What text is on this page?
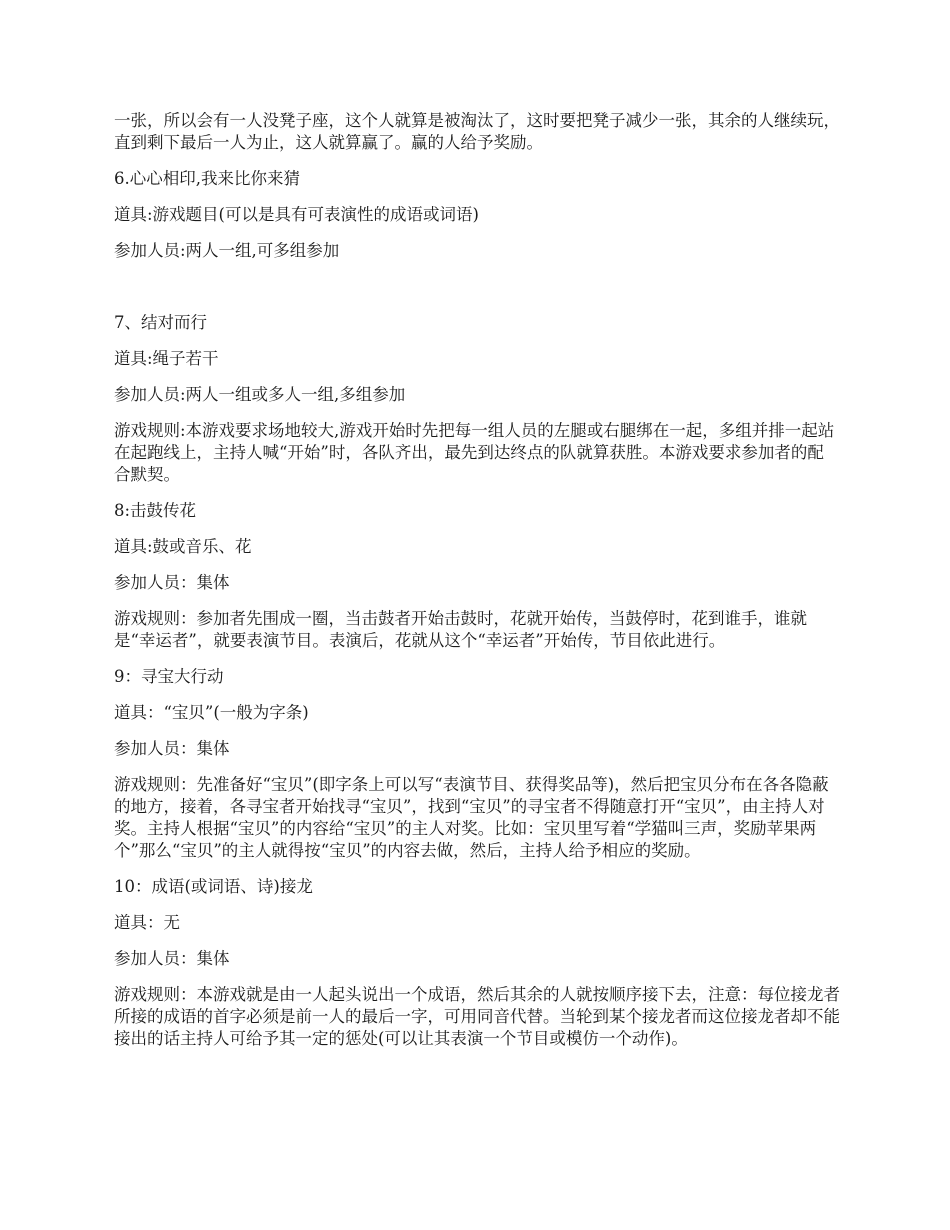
一张，所以会有一人没凳子座，这个人就算是被淘汰了，这时要把凳子减少一张，其余的人继续玩，直到剩下最后一人为止，这人就算赢了。赢的人给予奖励。

6.心心相印,我来比你来猜

道具:游戏题目(可以是具有可表演性的成语或词语)

参加人员:两人一组,可多组参加

7、结对而行

道具:绳子若干

参加人员:两人一组或多人一组,多组参加

游戏规则:本游戏要求场地较大,游戏开始时先把每一组人员的左腿或右腿绑在一起，多组并排一起站在起跑线上，主持人喊“开始”时，各队齐出，最先到达终点的队就算获胜。本游戏要求参加者的配合默契。

8:击鼓传花

道具:鼓或音乐、花

参加人员：集体

游戏规则：参加者先围成一圈，当击鼓者开始击鼓时，花就开始传，当鼓停时，花到谁手，谁就是“幸运者”，就要表演节目。表演后，花就从这个“幸运者”开始传，节目依此进行。

9：寻宝大行动

道具：“宝贝”(一般为字条)

参加人员：集体

游戏规则：先准备好“宝贝”(即字条上可以写“表演节目、获得奖品等)，然后把宝贝分布在各各隐蔽的地方，接着，各寻宝者开始找寻“宝贝”，找到“宝贝”的寻宝者不得随意打开“宝贝”，由主持人对奖。主持人根据“宝贝”的内容给“宝贝”的主人对奖。比如：宝贝里写着“学猫叫三声，奖励苹果两个”那么“宝贝”的主人就得按“宝贝”的内容去做，然后，主持人给予相应的奖励。

10：成语(或词语、诗)接龙

道具：无

参加人员：集体

游戏规则：本游戏就是由一人起头说出一个成语，然后其余的人就按顺序接下去，注意：每位接龙者所接的成语的首字必须是前一人的最后一字，可用同音代替。当轮到某个接龙者而这位接龙者却不能接出的话主持人可给予其一定的惩处(可以让其表演一个节目或模仿一个动作)。
